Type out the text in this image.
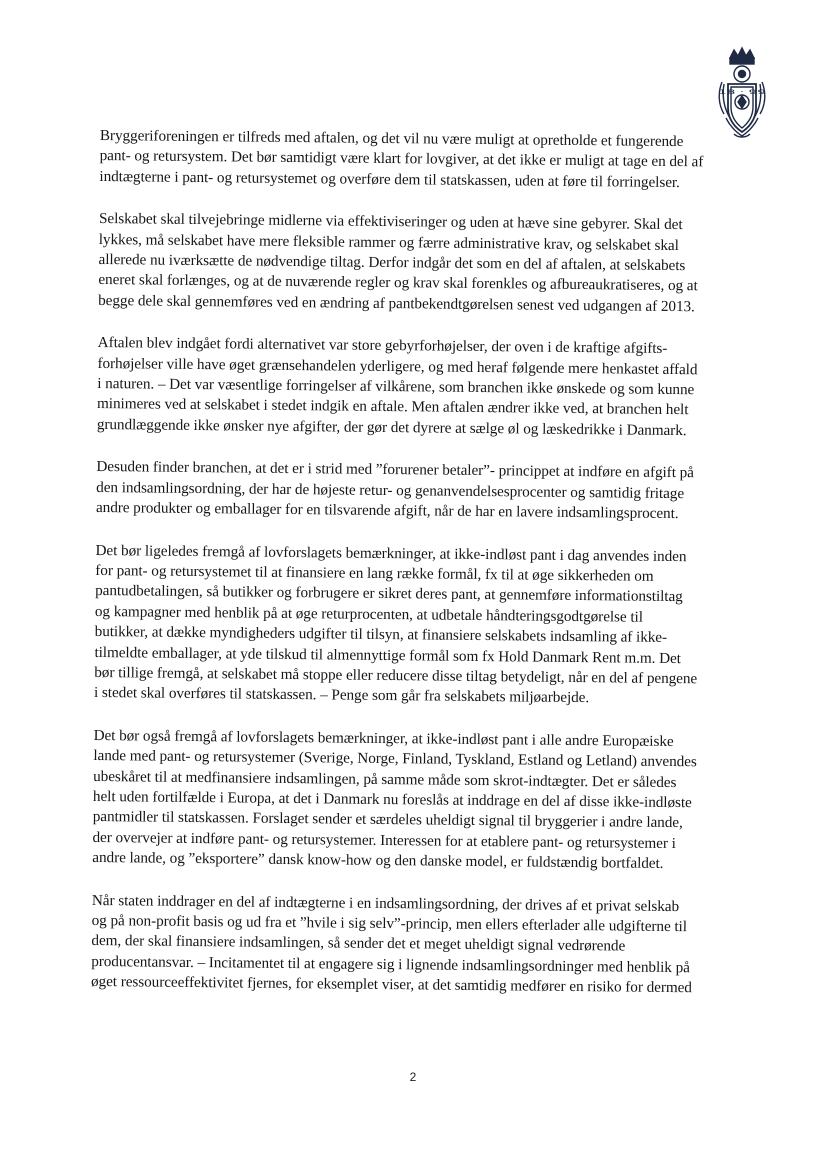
18 · 99
Bryggeriforeningen er tilfreds med aftalen, og det vil nu være muligt at opretholde et fungerende
pant- og retursystem. Det bør samtidigt være klart for lovgiver, at det ikke er muligt at tage en del af
indtægterne i pant- og retursystemet og overføre dem til statskassen, uden at føre til forringelser.
Selskabet skal tilvejebringe midlerne via effektiviseringer og uden at hæve sine gebyrer. Skal det
lykkes, må selskabet have mere fleksible rammer og færre administrative krav, og selskabet skal
allerede nu iværksætte de nødvendige tiltag. Derfor indgår det som en del af aftalen, at selskabets
eneret skal forlænges, og at de nuværende regler og krav skal forenkles og afbureaukratiseres, og at
begge dele skal gennemføres ved en ændring af pantbekendtgørelsen senest ved udgangen af 2013.
Aftalen blev indgået fordi alternativet var store gebyrforhøjelser, der oven i de kraftige afgifts-
forhøjelser ville have øget grænsehandelen yderligere, og med heraf følgende mere henkastet affald
i naturen. – Det var væsentlige forringelser af vilkårene, som branchen ikke ønskede og som kunne
minimeres ved at selskabet i stedet indgik en aftale. Men aftalen ændrer ikke ved, at branchen helt
grundlæggende ikke ønsker nye afgifter, der gør det dyrere at sælge øl og læskedrikke i Danmark.
Desuden finder branchen, at det er i strid med ”forurener betaler”- princippet at indføre en afgift på
den indsamlingsordning, der har de højeste retur- og genanvendelsesprocenter og samtidig fritage
andre produkter og emballager for en tilsvarende afgift, når de har en lavere indsamlingsprocent.
Det bør ligeledes fremgå af lovforslagets bemærkninger, at ikke-indløst pant i dag anvendes inden
for pant- og retursystemet til at finansiere en lang række formål, fx til at øge sikkerheden om
pantudbetalingen, så butikker og forbrugere er sikret deres pant, at gennemføre informationstiltag
og kampagner med henblik på at øge returprocenten, at udbetale håndteringsgodtgørelse til
butikker, at dække myndigheders udgifter til tilsyn, at finansiere selskabets indsamling af ikke-
tilmeldte emballager, at yde tilskud til almennyttige formål som fx Hold Danmark Rent m.m. Det
bør tillige fremgå, at selskabet må stoppe eller reducere disse tiltag betydeligt, når en del af pengene
i stedet skal overføres til statskassen. – Penge som går fra selskabets miljøarbejde.
Det bør også fremgå af lovforslagets bemærkninger, at ikke-indløst pant i alle andre Europæiske
lande med pant- og retursystemer (Sverige, Norge, Finland, Tyskland, Estland og Letland) anvendes
ubeskåret til at medfinansiere indsamlingen, på samme måde som skrot-indtægter. Det er således
helt uden fortilfælde i Europa, at det i Danmark nu foreslås at inddrage en del af disse ikke-indløste
pantmidler til statskassen. Forslaget sender et særdeles uheldigt signal til bryggerier i andre lande,
der overvejer at indføre pant- og retursystemer. Interessen for at etablere pant- og retursystemer i
andre lande, og ”eksportere” dansk know-how og den danske model, er fuldstændig bortfaldet.
Når staten inddrager en del af indtægterne i en indsamlingsordning, der drives af et privat selskab
og på non-profit basis og ud fra et ”hvile i sig selv”-princip, men ellers efterlader alle udgifterne til
dem, der skal finansiere indsamlingen, så sender det et meget uheldigt signal vedrørende
producentansvar. – Incitamentet til at engagere sig i lignende indsamlingsordninger med henblik på
øget ressourceeffektivitet fjernes, for eksemplet viser, at det samtidig medfører en risiko for dermed
2
